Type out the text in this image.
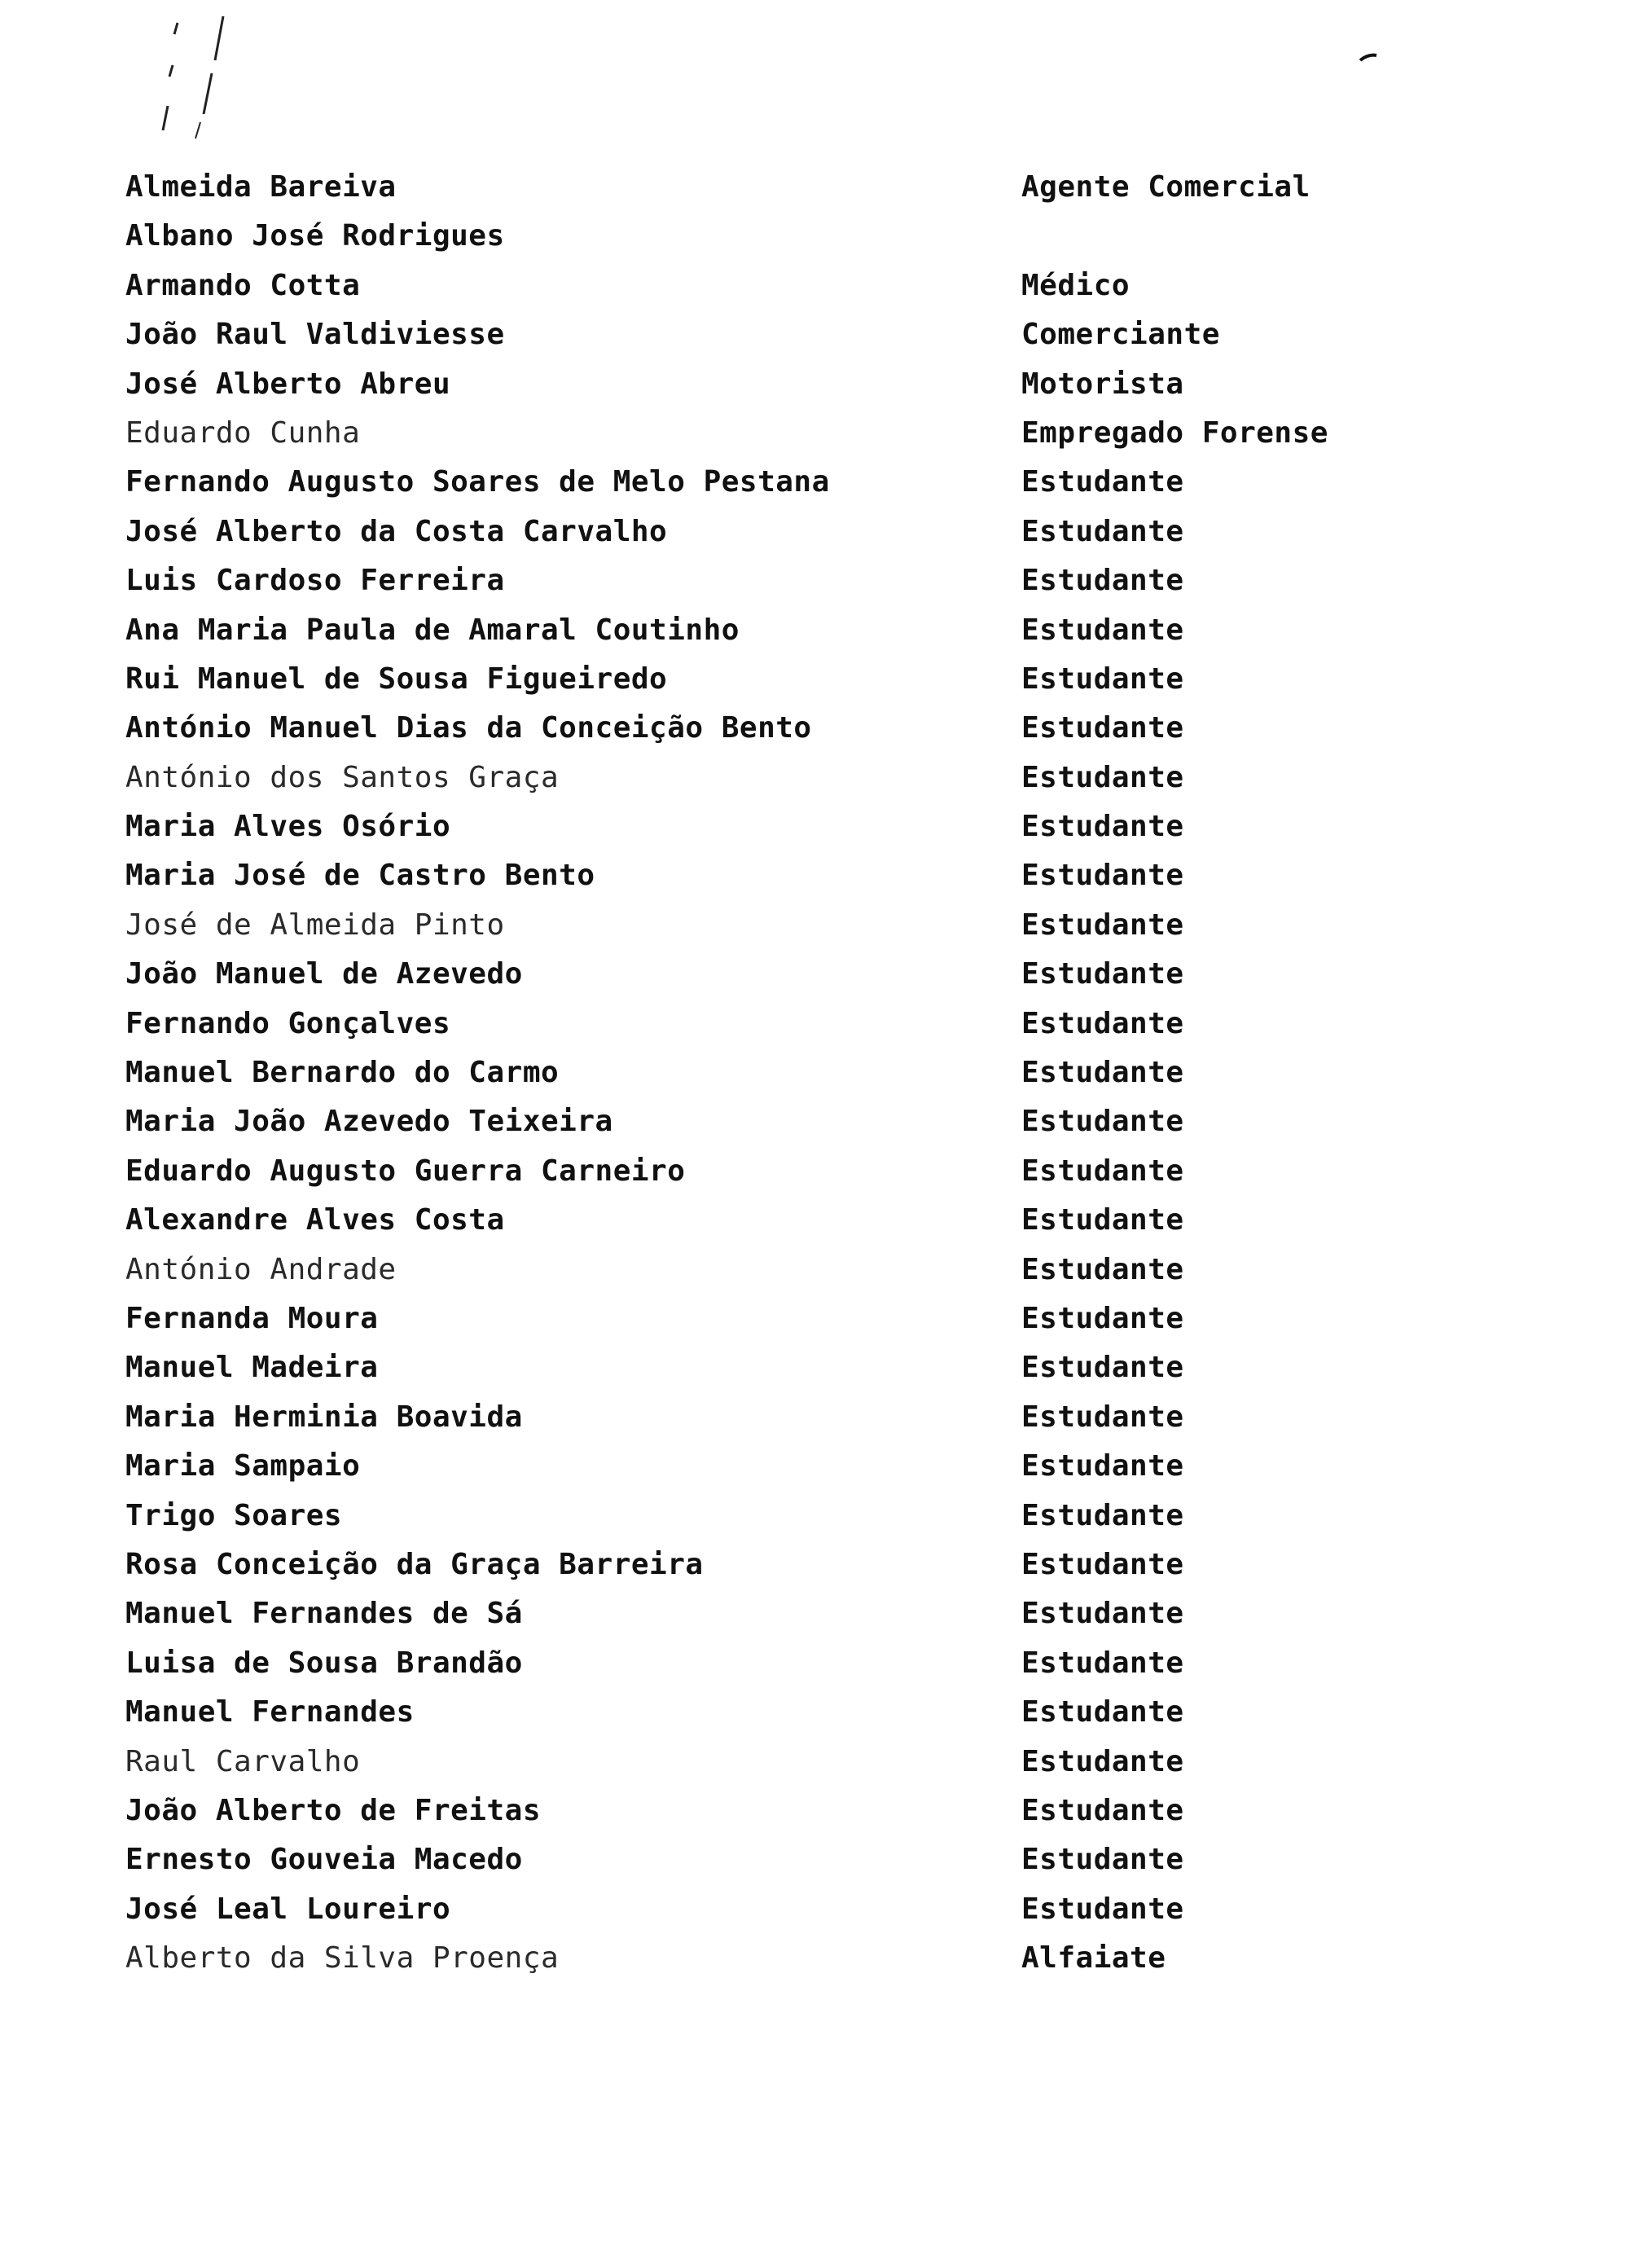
Almeida Bareiva	Agente Comercial
Albano José Rodrigues
Armando Cotta	Médico
João Raul Valdiviesse	Comerciante
José Alberto Abreu	Motorista
Eduardo Cunha	Empregado Forense
Fernando Augusto Soares de Melo Pestana	Estudante
José Alberto da Costa Carvalho	Estudante
Luis Cardoso Ferreira	Estudante
Ana Maria Paula de Amaral Coutinho	Estudante
Rui Manuel de Sousa Figueiredo	Estudante
António Manuel Dias da Conceição Bento	Estudante
António dos Santos Graça	Estudante
Maria Alves Osório	Estudante
Maria José de Castro Bento	Estudante
José de Almeida Pinto	Estudante
João Manuel de Azevedo	Estudante
Fernando Gonçalves	Estudante
Manuel Bernardo do Carmo	Estudante
Maria João Azevedo Teixeira	Estudante
Eduardo Augusto Guerra Carneiro	Estudante
Alexandre Alves Costa	Estudante
António Andrade	Estudante
Fernanda Moura	Estudante
Manuel Madeira	Estudante
Maria Herminia Boavida	Estudante
Maria Sampaio	Estudante
Trigo Soares	Estudante
Rosa Conceição da Graça Barreira	Estudante
Manuel Fernandes de Sá	Estudante
Luisa de Sousa Brandão	Estudante
Manuel Fernandes	Estudante
Raul Carvalho	Estudante
João Alberto de Freitas	Estudante
Ernesto Gouveia Macedo	Estudante
José Leal Loureiro	Estudante
Alberto da Silva Proença	Alfaiate
